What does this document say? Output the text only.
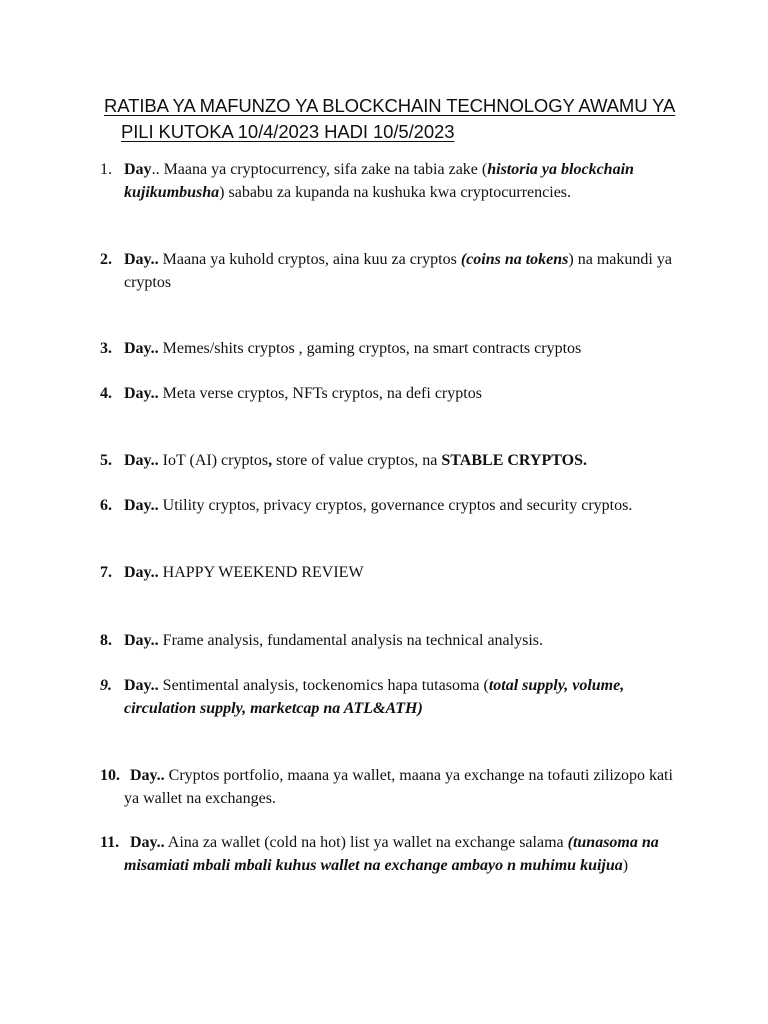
RATIBA YA MAFUNZO YA BLOCKCHAIN TECHNOLOGY AWAMU YA
PILI KUTOKA 10/4/2023 HADI 10/5/2023
1. Day.. Maana ya cryptocurrency, sifa zake na tabia zake (historia ya blockchain kujikumbusha) sababu za kupanda na kushuka kwa cryptocurrencies.
2. Day.. Maana ya kuhold cryptos, aina kuu za cryptos (coins na tokens) na makundi ya cryptos
3. Day.. Memes/shits cryptos , gaming cryptos, na smart contracts cryptos
4. Day.. Meta verse cryptos, NFTs cryptos, na defi cryptos
5. Day.. IoT (AI) cryptos, store of value cryptos, na STABLE CRYPTOS.
6. Day.. Utility cryptos, privacy cryptos, governance cryptos and security cryptos.
7. Day.. HAPPY WEEKEND REVIEW
8. Day.. Frame analysis, fundamental analysis na technical analysis.
9. Day.. Sentimental analysis, tockenomics hapa tutasoma (total supply, volume, circulation supply, marketcap na ATL&ATH)
10. Day.. Cryptos portfolio, maana ya wallet, maana ya exchange na tofauti zilizopo kati ya wallet na exchanges.
11. Day.. Aina za wallet (cold na hot) list ya wallet na exchange salama (tunasoma na misamiati mbali mbali kuhus wallet na exchange ambayo n muhimu kuijua)
